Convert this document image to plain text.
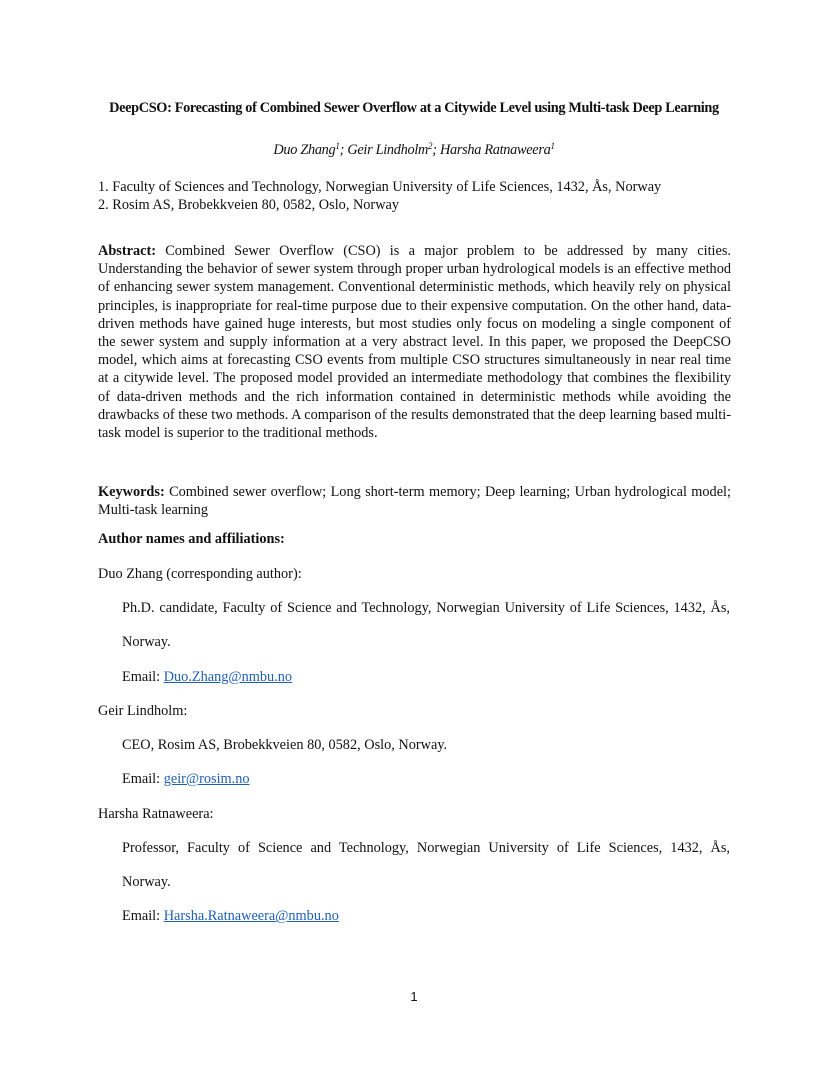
DeepCSO: Forecasting of Combined Sewer Overflow at a Citywide Level using Multi-task Deep Learning
Duo Zhang$^1$; Geir Lindholm$^2$; Harsha Ratnaweera$^1$
1. Faculty of Sciences and Technology, Norwegian University of Life Sciences, 1432, Ås, Norway
2. Rosim AS, Brobekkveien 80, 0582, Oslo, Norway
Abstract: Combined Sewer Overflow (CSO) is a major problem to be addressed by many cities. Understanding the behavior of sewer system through proper urban hydrological models is an effective method of enhancing sewer system management. Conventional deterministic methods, which heavily rely on physical principles, is inappropriate for real-time purpose due to their expensive computation. On the other hand, data-driven methods have gained huge interests, but most studies only focus on modeling a single component of the sewer system and supply information at a very abstract level. In this paper, we proposed the DeepCSO model, which aims at forecasting CSO events from multiple CSO structures simultaneously in near real time at a citywide level. The proposed model provided an intermediate methodology that combines the flexibility of data-driven methods and the rich information contained in deterministic methods while avoiding the drawbacks of these two methods. A comparison of the results demonstrated that the deep learning based multi-task model is superior to the traditional methods.
Keywords: Combined sewer overflow; Long short-term memory; Deep learning; Urban hydrological model; Multi-task learning
Author names and affiliations:
Duo Zhang (corresponding author):
Ph.D. candidate, Faculty of Science and Technology, Norwegian University of Life Sciences, 1432, Ås,
Norway.
Email: Duo.Zhang@nmbu.no
Geir Lindholm:
CEO, Rosim AS, Brobekkveien 80, 0582, Oslo, Norway.
Email: geir@rosim.no
Harsha Ratnaweera:
Professor, Faculty of Science and Technology, Norwegian University of Life Sciences, 1432, Ås,
Norway.
Email: Harsha.Ratnaweera@nmbu.no
1
